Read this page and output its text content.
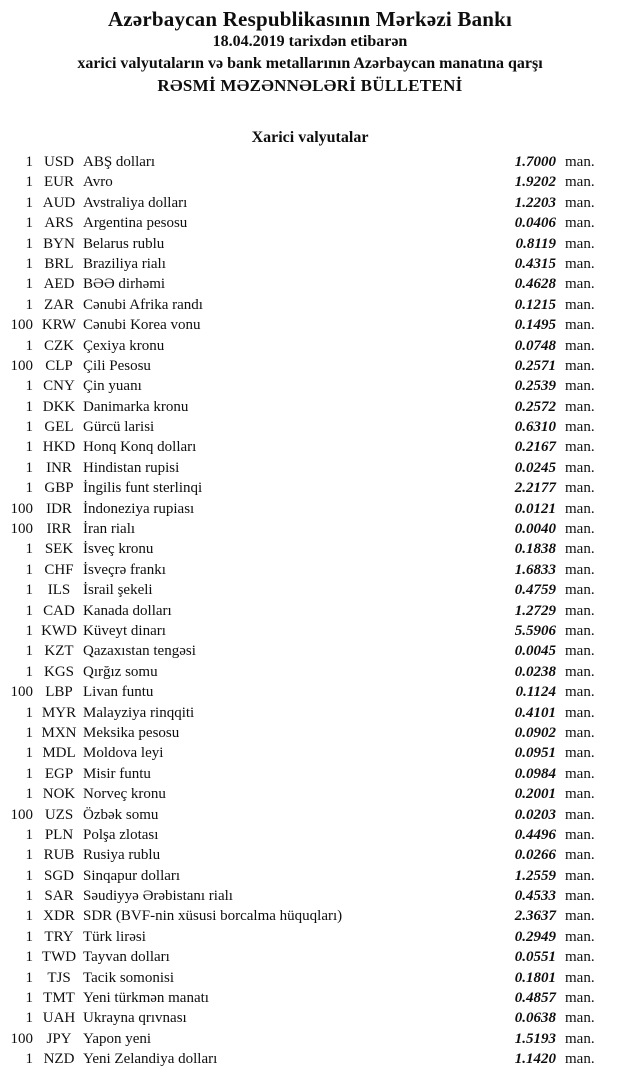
Azərbaycan Respublikasının Mərkəzi Bankı
18.04.2019 tarixdən etibarən
xarici valyutaların və bank metallarının Azərbaycan manatına qarşı
RƏSMİ MƏZƏNNƏLƏRİ BÜLLETENİ
Xarici valyutalar
1 USD ABŞ dolları	1.7000 man.
1 EUR Avro	1.9202 man.
1 AUD Avstraliya dolları	1.2203 man.
1 ARS Argentina pesosu	0.0406 man.
1 BYN Belarus rublu	0.8119 man.
1 BRL Braziliya rialı	0.4315 man.
1 AED BƏƏ dirhəmi	0.4628 man.
1 ZAR Cənubi Afrika randı	0.1215 man.
100 KRW Cənubi Korea vonu	0.1495 man.
1 CZK Çexiya kronu	0.0748 man.
100 CLP Çili Pesosu	0.2571 man.
1 CNY Çin yuanı	0.2539 man.
1 DKK Danimarka kronu	0.2572 man.
1 GEL Gürcü larisi	0.6310 man.
1 HKD Honq Konq dolları	0.2167 man.
1 INR Hindistan rupisi	0.0245 man.
1 GBP İngilis funt sterlinqi	2.2177 man.
100 IDR İndoneziya rupiası	0.0121 man.
100 IRR İran rialı	0.0040 man.
1 SEK İsveç kronu	0.1838 man.
1 CHF İsveçrə frankı	1.6833 man.
1 ILS İsrail şekeli	0.4759 man.
1 CAD Kanada dolları	1.2729 man.
1 KWD Küveyt dinarı	5.5906 man.
1 KZT Qazaxıstan tengəsi	0.0045 man.
1 KGS Qırğız somu	0.0238 man.
100 LBP Livan funtu	0.1124 man.
1 MYR Malayziya rinqqiti	0.4101 man.
1 MXN Meksika pesosu	0.0902 man.
1 MDL Moldova leyi	0.0951 man.
1 EGP Misir funtu	0.0984 man.
1 NOK Norveç kronu	0.2001 man.
100 UZS Özbək somu	0.0203 man.
1 PLN Polşa zlotası	0.4496 man.
1 RUB Rusiya rublu	0.0266 man.
1 SGD Sinqapur dolları	1.2559 man.
1 SAR Səudiyyə Ərəbistanı rialı	0.4533 man.
1 XDR SDR (BVF-nin xüsusi borcalma hüquqları)	2.3637 man.
1 TRY Türk lirəsi	0.2949 man.
1 TWD Tayvan dolları	0.0551 man.
1 TJS Tacik somonisi	0.1801 man.
1 TMT Yeni türkmən manatı	0.4857 man.
1 UAH Ukrayna qrıvnası	0.0638 man.
100 JPY Yapon yeni	1.5193 man.
1 NZD Yeni Zelandiya dolları	1.1420 man.
